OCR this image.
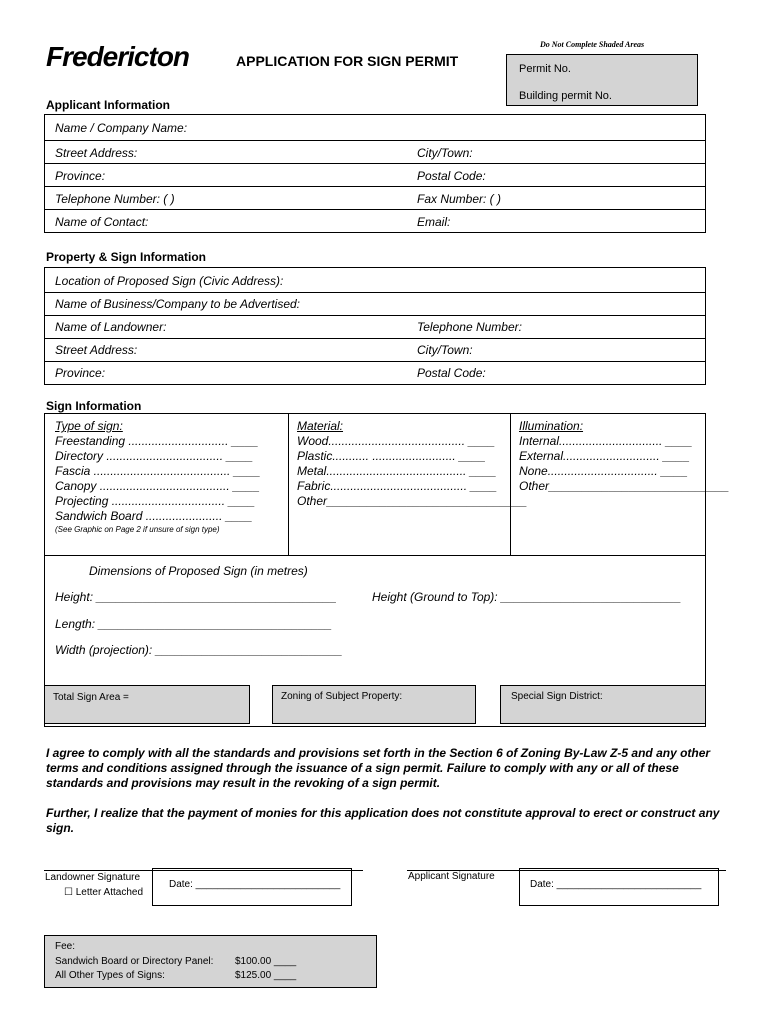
Fredericton	APPLICATION FOR SIGN PERMIT
Do Not Complete Shaded Areas
Permit No.
Building permit No.
Applicant Information
Name / Company Name:
Street Address:	City/Town:
Province:	Postal Code:
Telephone Number: ( )	Fax Number: ( )
Name of Contact:	Email:
Property & Sign Information
Location of Proposed Sign (Civic Address):
Name of Business/Company to be Advertised:
Name of Landowner:	Telephone Number:
Street Address:	City/Town:
Province:	Postal Code:
Sign Information
Type of sign:
Freestanding .............................. ____
Directory ................................... ____
Fascia ......................................... ____
Canopy ....................................... ____
Projecting .................................. ____
Sandwich Board ....................... ____
(See Graphic on Page 2 if unsure of sign type)
Material:
Wood......................................... ____
Plastic........... ......................... ____
Metal.......................................... ____
Fabric......................................... ____
Other______________________________
Illumination:
Internal............................... ____
External............................. ____
None................................. ____
Other___________________________
Dimensions of Proposed Sign (in metres)
Height: ____________________________________	Height (Ground to Top): ___________________________
Length: ___________________________________
Width (projection): ____________________________
Total Sign Area =	Zoning of Subject Property:	Special Sign District:
I agree to comply with all the standards and provisions set forth in the Section 6 of Zoning By-Law Z-5 and any other terms and conditions assigned through the issuance of a sign permit. Failure to comply with any or all of these standards and provisions may result in the revoking of a sign permit.
Further, I realize that the payment of monies for this application does not constitute approval to erect or construct any sign.
Landowner Signature
☐ Letter Attached
Date: __________________________
Applicant Signature
Date: __________________________
Fee:
Sandwich Board or Directory Panel: $100.00 ____
All Other Types of Signs:	$125.00 ____
